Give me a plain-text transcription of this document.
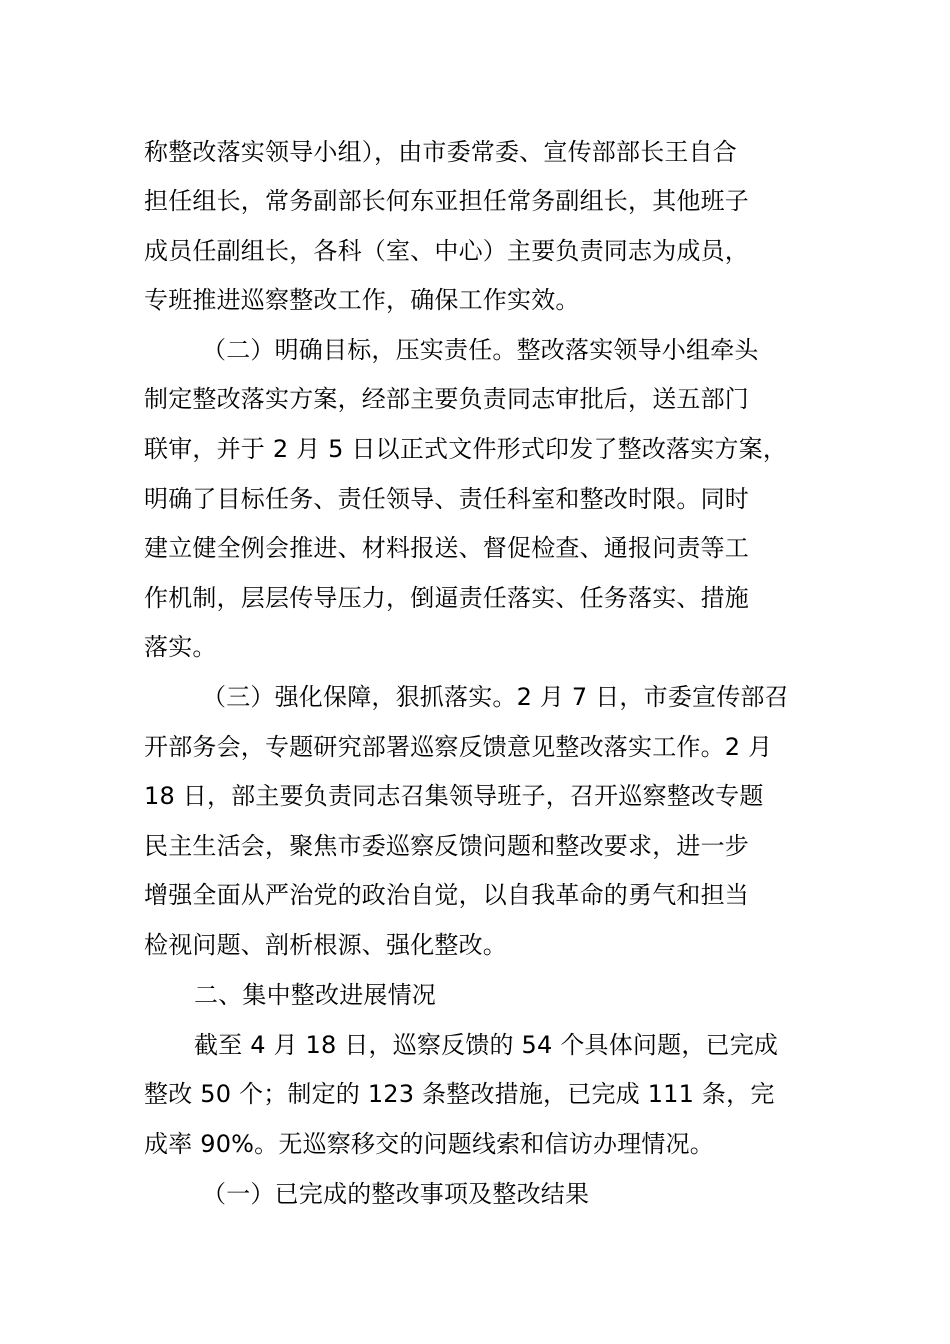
称整改落实领导小组），由市委常委、宣传部部长王自合
担任组长，常务副部长何东亚担任常务副组长，其他班子
成员任副组长，各科（室、中心）主要负责同志为成员，
专班推进巡察整改工作，确保工作实效。
（二）明确目标，压实责任。整改落实领导小组牵头
制定整改落实方案，经部主要负责同志审批后，送五部门
联审，并于 2 月 5 日以正式文件形式印发了整改落实方案，
明确了目标任务、责任领导、责任科室和整改时限。同时
建立健全例会推进、材料报送、督促检查、通报问责等工
作机制，层层传导压力，倒逼责任落实、任务落实、措施
落实。
（三）强化保障，狠抓落实。2 月 7 日，市委宣传部召
开部务会，专题研究部署巡察反馈意见整改落实工作。2 月
18 日，部主要负责同志召集领导班子，召开巡察整改专题
民主生活会，聚焦市委巡察反馈问题和整改要求，进一步
增强全面从严治党的政治自觉，以自我革命的勇气和担当
检视问题、剖析根源、强化整改。
二、集中整改进展情况
截至 4 月 18 日，巡察反馈的 54 个具体问题，已完成
整改 50 个；制定的 123 条整改措施，已完成 111 条，完
成率 90%。无巡察移交的问题线索和信访办理情况。
（一）已完成的整改事项及整改结果
